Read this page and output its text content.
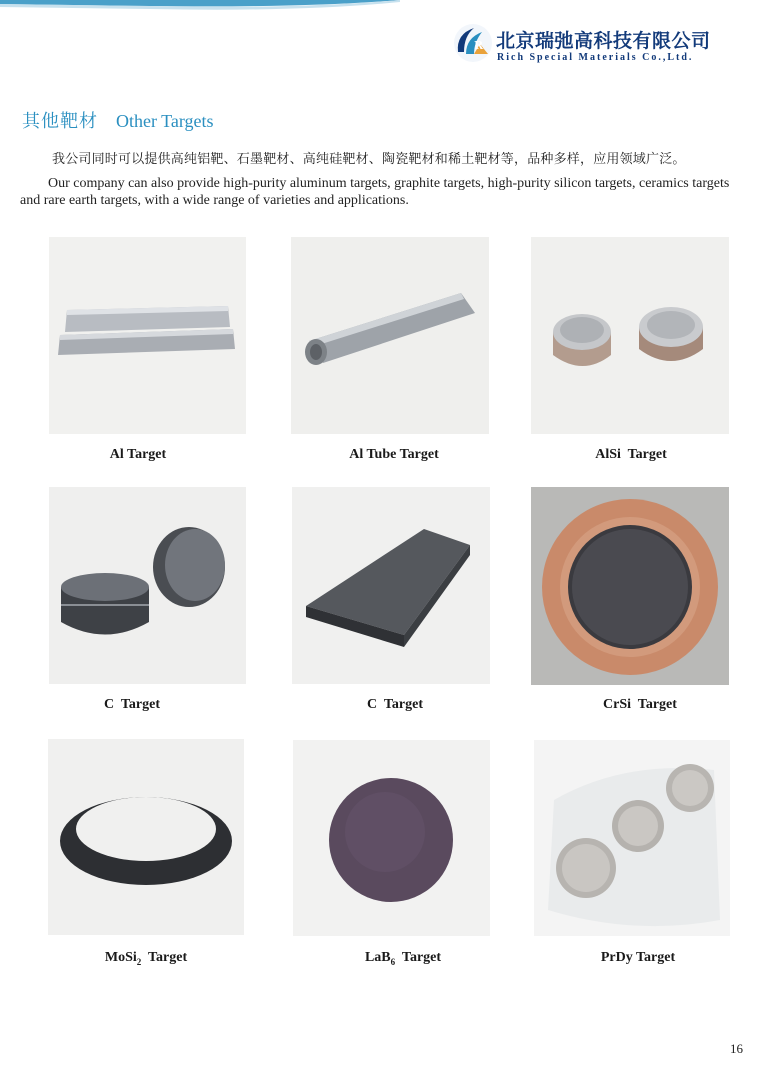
R 北京瑞弛高科技有限公司
Rich Special Materials Co.,Ltd.
其他靶材 Other Targets
我公司同时可以提供高纯铝靶、石墨靶材、高纯硅靶材、陶瓷靶材和稀土靶材等，品种多样，应用领域广泛。
Our company can also provide high-purity aluminum targets, graphite targets, high-purity silicon targets, ceramics targets and rare earth targets, with a wide range of varieties and applications.
Al Target	Al Tube Target	AlSi  Target
C  Target	C  Target	CrSi  Target
MoSi$_2$  Target	LaB$_6$  Target	PrDy Target
16
